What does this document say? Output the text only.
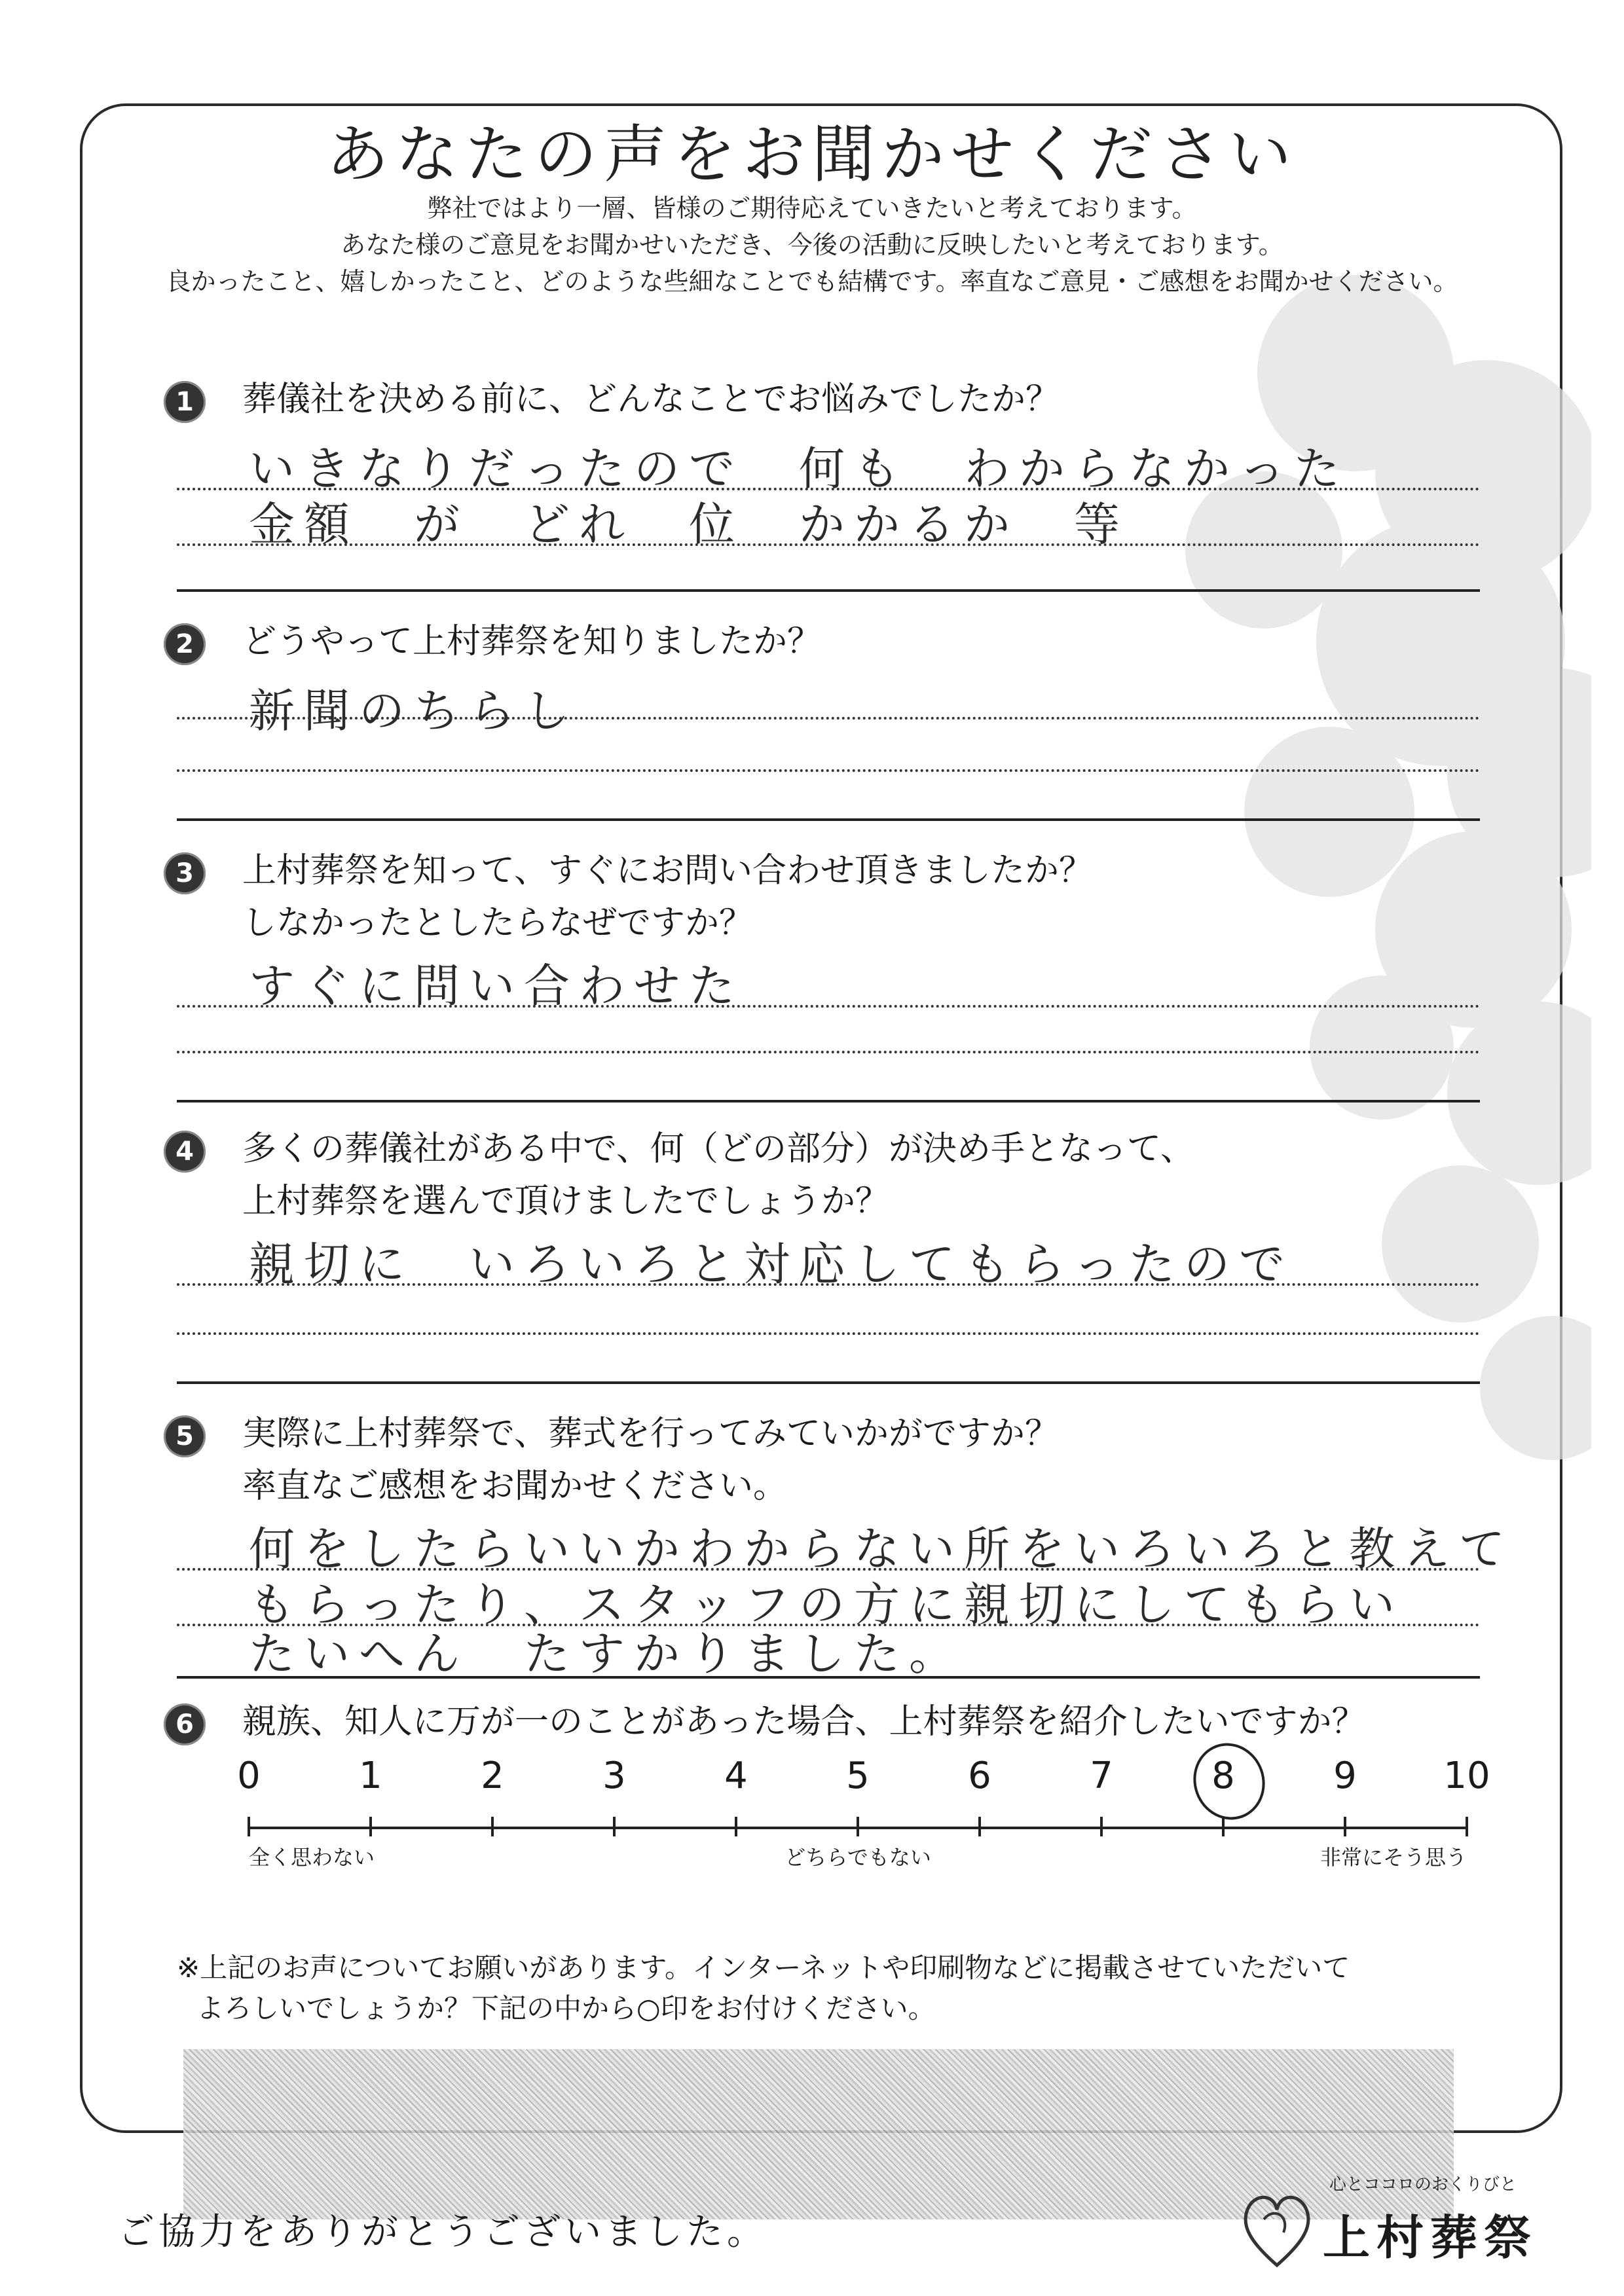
あなたの声をお聞かせください
弊社ではより一層、皆様のご期待応えていきたいと考えております。
あなた様のご意見をお聞かせいただき、今後の活動に反映したいと考えております。
良かったこと、嬉しかったこと、どのような些細なことでも結構です。率直なご意見・ご感想をお聞かせください。
1	葬儀社を決める前に、どんなことでお悩みでしたか？
いきなりだったので　何も　わからなかった
金額　が　どれ　位　かかるか　等
2	どうやって上村葬祭を知りましたか？
新聞のちらし
3	上村葬祭を知って、すぐにお問い合わせ頂きましたか？
しなかったとしたらなぜですか？
すぐに問い合わせた
4	多くの葬儀社がある中で、何（どの部分）が決め手となって、
上村葬祭を選んで頂けましたでしょうか？
親切に　いろいろと対応してもらったので
5	実際に上村葬祭で、葬式を行ってみていかがですか？
率直なご感想をお聞かせください。
何をしたらいいかわからない所をいろいろと教えて
もらったり、スタッフの方に親切にしてもらい
たいへん　たすかりました。
6	親族、知人に万が一のことがあった場合、上村葬祭を紹介したいですか？
全く思わない	どちらでもない	非常にそう思う
0	1	2	3	4	5	6	7	8	9 10
※上記のお声についてお願いがあります。インターネットや印刷物などに掲載させていただいて
よろしいでしょうか？下記の中から○印をお付けください。
ご協力をありがとうございました。
心とココロのおくりびと
上村葬祭
